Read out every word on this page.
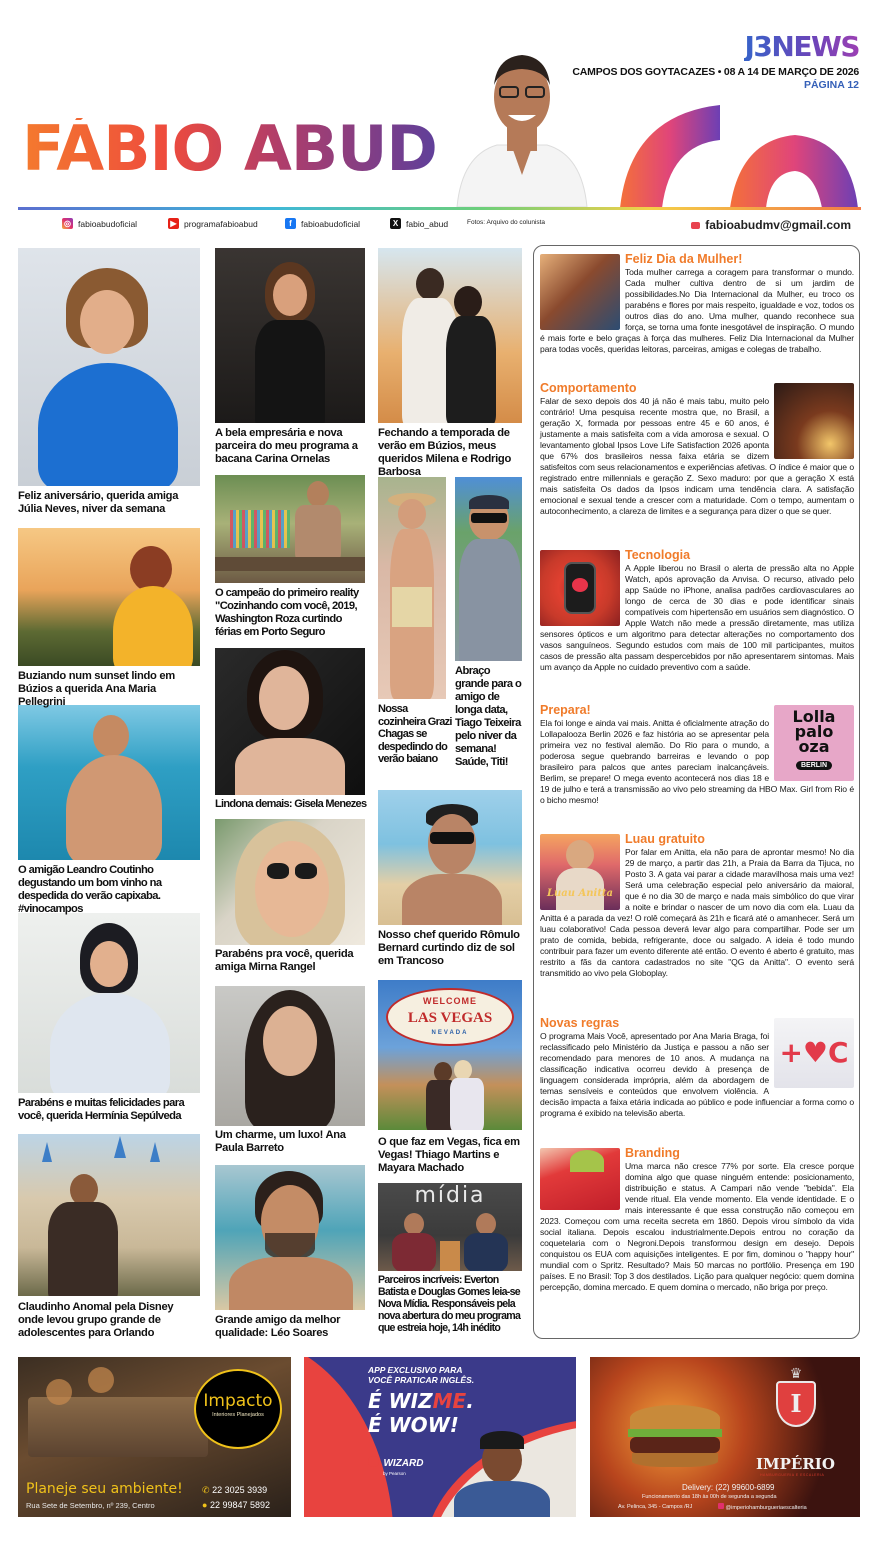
FÁBIO ABUD
J3NEWS
CAMPOS DOS GOYTACAZES • 08 A 14 DE MARÇO DE 2026
PÁGINA 12
◎ fabioabudoficial	▶ programafabioabud	f	fabioabudoficial	X fabio_abud	Fotos: Arquivo do colunista	fabioabudmv@gmail.com
Feliz aniversário, querida amiga Júlia Neves, niver da semana
Buziando num sunset lindo em Búzios a querida Ana Maria Pellegrini
O amigão Leandro Coutinho degustando um bom vinho na despedida do verão capixaba. #vinocampos
Parabéns e muitas felicidades para você, querida Hermínia Sepúlveda
Claudinho Anomal pela Disney onde levou grupo grande de adolescentes para Orlando
A bela empresária e nova parceira do meu programa a bacana Carina Ornelas
O campeão do primeiro reality "Cozinhando com você, 2019, Washington Roza curtindo férias em Porto Seguro
Lindona demais: Gisela Menezes
Parabéns pra você, querida amiga Mirna Rangel
Um charme, um luxo! Ana Paula Barreto
Grande amigo da melhor qualidade: Léo Soares
Fechando a temporada de verão em Búzios, meus queridos Milena e Rodrigo Barbosa
Nossa cozinheira Grazi Chagas se despedindo do verão baiano
Abraço grande para o amigo de longa data, Tiago Teixeira pelo niver da semana! Saúde, Titi!
Nosso chef querido Rômulo Bernard curtindo diz de sol em Trancoso
WELCOME
LAS VEGAS
NEVADA
O que faz em Vegas, fica em Vegas! Thiago Martins e Mayara Machado
mídia
Parceiros incríveis: Everton Batista e Douglas Gomes leia-se Nova Mídia. Responsáveis pela nova abertura do meu programa que estreia hoje, 14h inédito
Feliz Dia da Mulher!

Toda mulher carrega a coragem para transformar o mundo. Cada mulher cultiva dentro de si um jardim de possibilidades.No Dia Internacional da Mulher, eu troco os parabéns e flores por mais respeito, igualdade e voz, todos os outros dias do ano. Uma mulher, quando reconhece sua força, se torna uma fonte inesgotável de inspiração. O mundo é mais forte e belo graças à força das mulheres. Feliz Dia Internacional da Mulher para todas vocês, queridas leitoras, parceiras, amigas e colegas de trabalho.

Comportamento

Falar de sexo depois dos 40 já não é mais tabu, muito pelo contrário! Uma pesquisa recente mostra que, no Brasil, a geração X, formada por pessoas entre 45 e 60 anos, é justamente a mais satisfeita com a vida amorosa e sexual. O levantamento global Ipsos Love Life Satisfaction 2026 aponta que 67% dos brasileiros nessa faixa etária se dizem satisfeitos com seus relacionamentos e experiências afetivas. O índice é maior que o registrado entre millennials e geração Z. Sexo maduro: por que a geração X está mais satisfeita Os dados da Ipsos indicam uma tendência clara. A satisfação emocional e sexual tende a crescer com a maturidade. Com o tempo, aumentam o autoconhecimento, a clareza de limites e a segurança para dizer o que se quer.

Tecnologia

A Apple liberou no Brasil o alerta de pressão alta no Apple Watch, após aprovação da Anvisa. O recurso, ativado pelo app Saúde no iPhone, analisa padrões cardiovasculares ao longo de cerca de 30 dias e pode identificar sinais compatíveis com hipertensão em usuários sem diagnóstico. O Apple Watch não mede a pressão diretamente, mas utiliza sensores ópticos e um algoritmo para detectar alterações no comportamento dos vasos sanguíneos. Segundo estudos com mais de 100 mil participantes, muitos casos de pressão alta passam despercebidos por não apresentarem sintomas. Mais um avanço da Apple no cuidado preventivo com a saúde.

Lolla
palo
oza
BERLIN
Prepara!

Ela foi longe e ainda vai mais. Anitta é oficialmente atração do Lollapalooza Berlin 2026 e faz história ao se apresentar pela primeira vez no festival alemão. Do Rio para o mundo, a poderosa segue quebrando barreiras e levando o pop brasileiro para palcos que antes pareciam inalcançáveis. Berlim, se prepare! O mega evento acontecerá nos dias 18 e 19 de julho e terá a transmissão ao vivo pelo streaming da HBO Max. Girl from Rio é o bicho mesmo!

Luau Anitta
Luau gratuito

Por falar em Anitta, ela não para de aprontar mesmo! No dia 29 de março, a partir das 21h, a Praia da Barra da Tijuca, no Posto 3. A gata vai parar a cidade maravilhosa mais uma vez! Será uma celebração especial pelo aniversário da maioral, que é no dia 30 de março e nada mais simbólico do que virar a noite e brindar o nascer de um novo dia com ela. Luau da Anitta é a parada da vez! O rolê começará às 21h e ficará até o amanhecer. Será um luau colaborativo! Cada pessoa deverá levar algo para compartilhar. Pode ser um prato de comida, bebida, refrigerante, doce ou salgado. A ideia é todo mundo contribuir para fazer um evento diferente até então. O evento é aberto é gratuito, mas restrito a fãs da cantora cadastrados no site "QG da Anitta". O evento será transmitido ao vivo pela Globoplay.

+♥C
Novas regras

O programa Mais Você, apresentado por Ana Maria Braga, foi reclassificado pelo Ministério da Justiça e passou a não ser recomendado para menores de 10 anos. A mudança na classificação indicativa ocorreu devido à presença de linguagem considerada imprópria, além da abordagem de temas sensíveis e conteúdos que envolvem violência. A decisão impacta a faixa etária indicada ao público e pode influenciar a forma como o programa é exibido na televisão aberta.

Branding

Uma marca não cresce 77% por sorte. Ela cresce porque domina algo que quase ninguém entende: posicionamento, distribuição e status. A Campari não vende "bebida". Ela vende ritual. Ela vende momento. Ela vende identidade. E o mais interessante é que essa construção não começou em 2023. Começou com uma receita secreta em 1860. Depois virou símbolo da vida social italiana. Depois escalou industrialmente.Depois entrou no coração da coquetelaria com o Negroni.Depois transformou design em desejo. Depois conquistou os EUA com aquisições inteligentes. E por fim, dominou o "happy hour" mundial com o Spritz. Resultado? Mais 50 marcas no portfólio. Presença em 190 países. E no Brasil: Top 3 dos destilados. Lição para qualquer negócio: quem domina percepção, domina mercado. E quem domina o mercado, não briga por preço.

Impacto
Interiores Planejados
Planeje seu ambiente!
Rua Sete de Setembro, nº 239, Centro
✆ 22 3025 3939
● 22 99847 5892
APP EXCLUSIVO PARA
VOCÊ PRATICAR INGLÊS.
É WIZME.
É WOW!
WIZARD
by Pearson
♛
I
IMPÉRIO
HAMBURGUERIA E ESCALERIA
Delivery: (22) 99600-6899
Funcionamento das 18h às 00h de segunda a segunda
Av. Pelinca, 345 - Campos /RJ	@imperiohamburgueriaescalteria
